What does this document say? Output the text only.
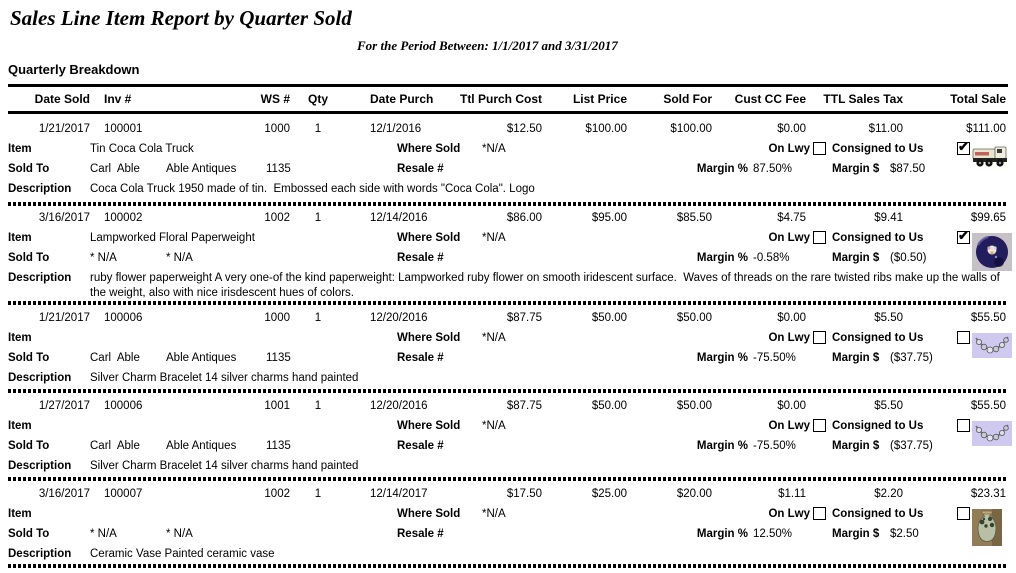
Sales Line Item Report by Quarter Sold
For the Period Between: 1/1/2017 and 3/31/2017
Quarterly Breakdown
Date Sold	Inv #	WS #	Qty	Date Purch	Ttl Purch Cost	List Price	Sold For	Cust CC Fee	TTL Sales Tax	Total Sale
1/21/2017	100001	1000	1	12/1/2016	$12.50	$100.00	$100.00	$0.00	$11.00	$111.00
Item	Tin Coca Cola Truck	Where Sold *N/A	On Lwy Consigned to Us
✔
Sold To	Carl  Able Able Antiques	1135	Resale #	Margin % 87.50%	Margin $ $87.50
Description Coca Cola Truck 1950 made of tin.  Embossed each side with words "Coca Cola". Logo
3/16/2017	100002	1002	1	12/14/2016	$86.00	$95.00	$85.50	$4.75	$9.41	$99.65
Item	Lampworked Floral Paperweight	Where Sold *N/A	On Lwy Consigned to Us
✔
Sold To	* N/A	* N/A	Resale #	Margin % -0.58%	Margin $ ($0.50)
Description ruby flower paperweight A very one-of the kind paperweight: Lampworked ruby flower on smooth iridescent surface.  Waves of threads on the rare twisted ribs make up the walls of the weight, also with nice irisdescent hues of colors.
1/21/2017	100006	1000	1	12/20/2016	$87.75	$50.00	$50.00	$0.00	$5.50	$55.50
Item	Where Sold *N/A	On Lwy Consigned to Us
Sold To	Carl  Able Able Antiques	1135	Resale #	Margin % -75.50%	Margin $ ($37.75)
Description Silver Charm Bracelet 14 silver charms hand painted
1/27/2017	100006	1001	1	12/20/2016	$87.75	$50.00	$50.00	$0.00	$5.50	$55.50
Item	Where Sold *N/A	On Lwy Consigned to Us
Sold To	Carl  Able Able Antiques	1135	Resale #	Margin % -75.50%	Margin $ ($37.75)
Description Silver Charm Bracelet 14 silver charms hand painted
3/16/2017	100007	1002	1	12/14/2017	$17.50	$25.00	$20.00	$1.11	$2.20	$23.31
Item	Where Sold *N/A	On Lwy Consigned to Us
Sold To	* N/A	* N/A	Resale #	Margin % 12.50%	Margin $ $2.50
Description Ceramic Vase Painted ceramic vase
